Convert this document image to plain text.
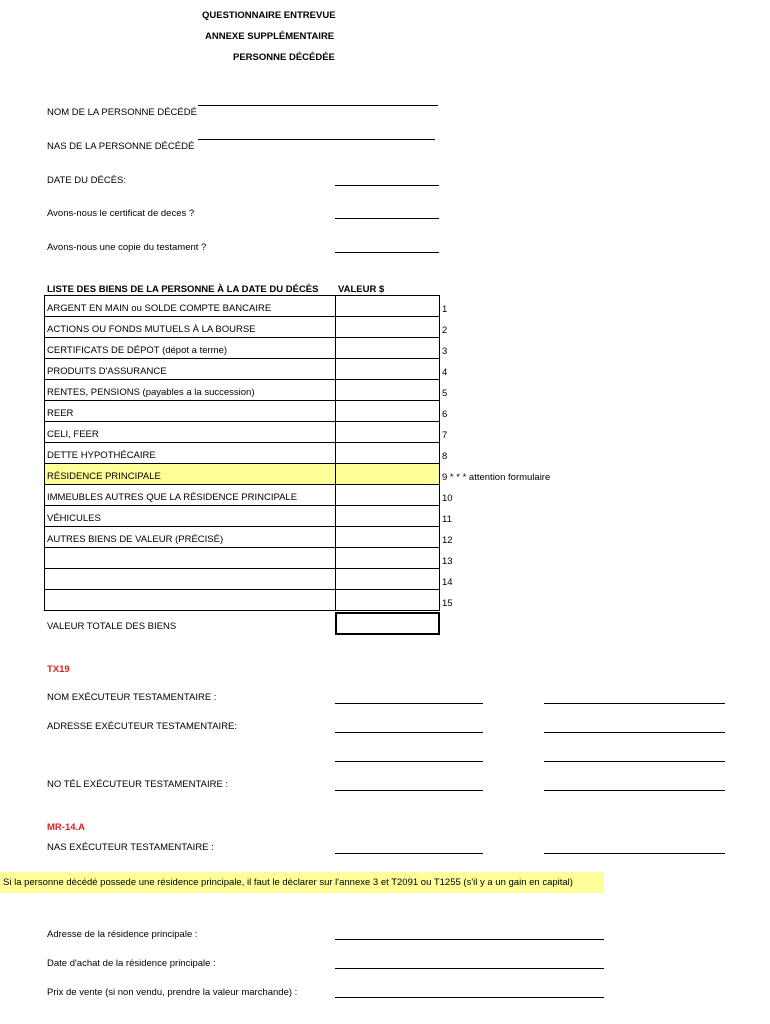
QUESTIONNAIRE ENTREVUE
ANNEXE SUPPLÉMENTAIRE
PERSONNE DÉCÉDÉE
NOM DE LA PERSONNE DÉCÉDÉ
NAS DE LA PERSONNE DÉCÉDÉ
DATE DU DÉCÈS:
Avons-nous le certificat de deces ?
Avons-nous une copie du testament ?
LISTE DES BIENS DE LA PERSONNE À LA DATE DU DÉCÈS VALEUR $
ARGENT EN MAIN ou SOLDE COMPTE BANCAIRE		1
ACTIONS OU FONDS MUTUELS À LA BOURSE		2
CERTIFICATS DE DÉPOT (dépot a terme)		3
PRODUITS D'ASSURANCE		4
RENTES, PENSIONS (payables a la succession)		5
REER		6
CELI, FEER		7
DETTE HYPOTHÉCAIRE		8
RÉSIDENCE PRINCIPALE		9 * * * attention formulaire
IMMEUBLES AUTRES QUE LA RÉSIDENCE PRINCIPALE		10
VÉHICULES		11
AUTRES BIENS DE VALEUR (PRÉCISÉ)		12
		13
		14
		15
VALEUR TOTALE DES BIENS
TX19
NOM EXÉCUTEUR TESTAMENTAIRE :
ADRESSE EXÉCUTEUR TESTAMENTAIRE:
NO TÉL EXÉCUTEUR TESTAMENTAIRE :
MR-14.A
NAS EXÉCUTEUR TESTAMENTAIRE :
Si la personne décédé possede une résidence principale, il faut le déclarer sur l'annexe 3 et T2091 ou T1255 (s'il y a un gain en capital)
Adresse de la résidence principale :
Date d'achat de la résidence principale :
Prix de vente (si non vendu, prendre la valeur marchande) :
